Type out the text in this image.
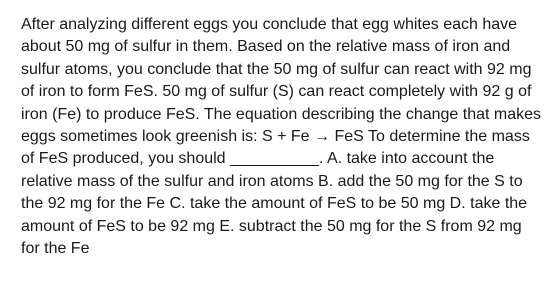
After analyzing different eggs you conclude that egg whites each have about 50 mg of sulfur in them. Based on the relative mass of iron and sulfur atoms, you conclude that the 50 mg of sulfur can react with 92 mg of iron to form FeS. 50 mg of sulfur (S) can react completely with 92 g of iron (Fe) to produce FeS. The equation describing the change that makes eggs sometimes look greenish is: S + Fe → FeS To determine the mass of FeS produced, you should __________. A. take into account the relative mass of the sulfur and iron atoms B. add the 50 mg for the S to the 92 mg for the Fe C. take the amount of FeS to be 50 mg D. take the amount of FeS to be 92 mg E. subtract the 50 mg for the S from 92 mg for the Fe
